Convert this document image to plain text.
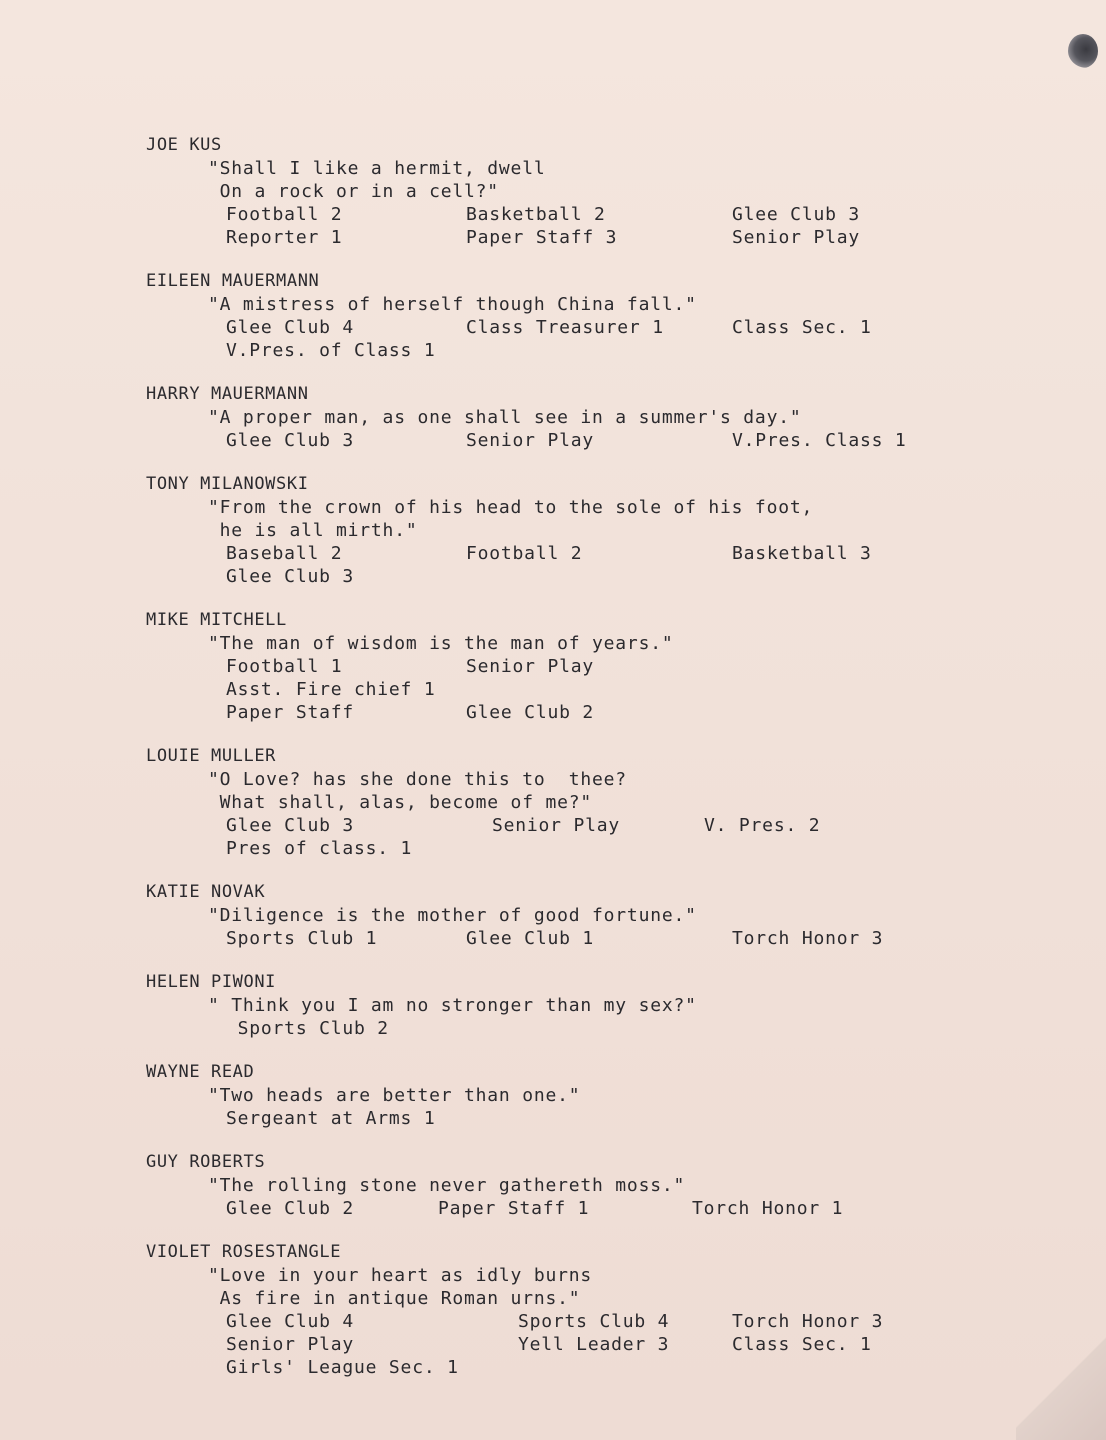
JOE KUS
"Shall I like a hermit, dwell
On a rock or in a cell?"
Football 2	Basketball 2	Glee Club 3
Reporter 1	Paper Staff 3	Senior Play
EILEEN MAUERMANN
"A mistress of herself though China fall."
Glee Club 4	Class Treasurer 1	Class Sec. 1
V.Pres. of Class 1
HARRY MAUERMANN
"A proper man, as one shall see in a summer's day."
Glee Club 3	Senior Play	V.Pres. Class 1
TONY MILANOWSKI
"From the crown of his head to the sole of his foot,
he is all mirth."
Baseball 2	Football 2	Basketball 3
Glee Club 3
MIKE MITCHELL
"The man of wisdom is the man of years."
Football 1	Senior Play
Asst. Fire chief 1
Paper Staff	Glee Club 2
LOUIE MULLER
"O Love? has she done this to  thee?
What shall, alas, become of me?"
Glee Club 3	Senior Play	V. Pres. 2
Pres of class. 1
KATIE NOVAK
"Diligence is the mother of good fortune."
Sports Club 1	Glee Club 1	Torch Honor 3
HELEN PIWONI
" Think you I am no stronger than my sex?"
Sports Club 2
WAYNE READ
"Two heads are better than one."
Sergeant at Arms 1
GUY ROBERTS
"The rolling stone never gathereth moss."
Glee Club 2	Paper Staff 1	Torch Honor 1
VIOLET ROSESTANGLE
"Love in your heart as idly burns
As fire in antique Roman urns."
Glee Club 4	Sports Club 4	Torch Honor 3
Senior Play	Yell Leader 3	Class Sec. 1
Girls' League Sec. 1
